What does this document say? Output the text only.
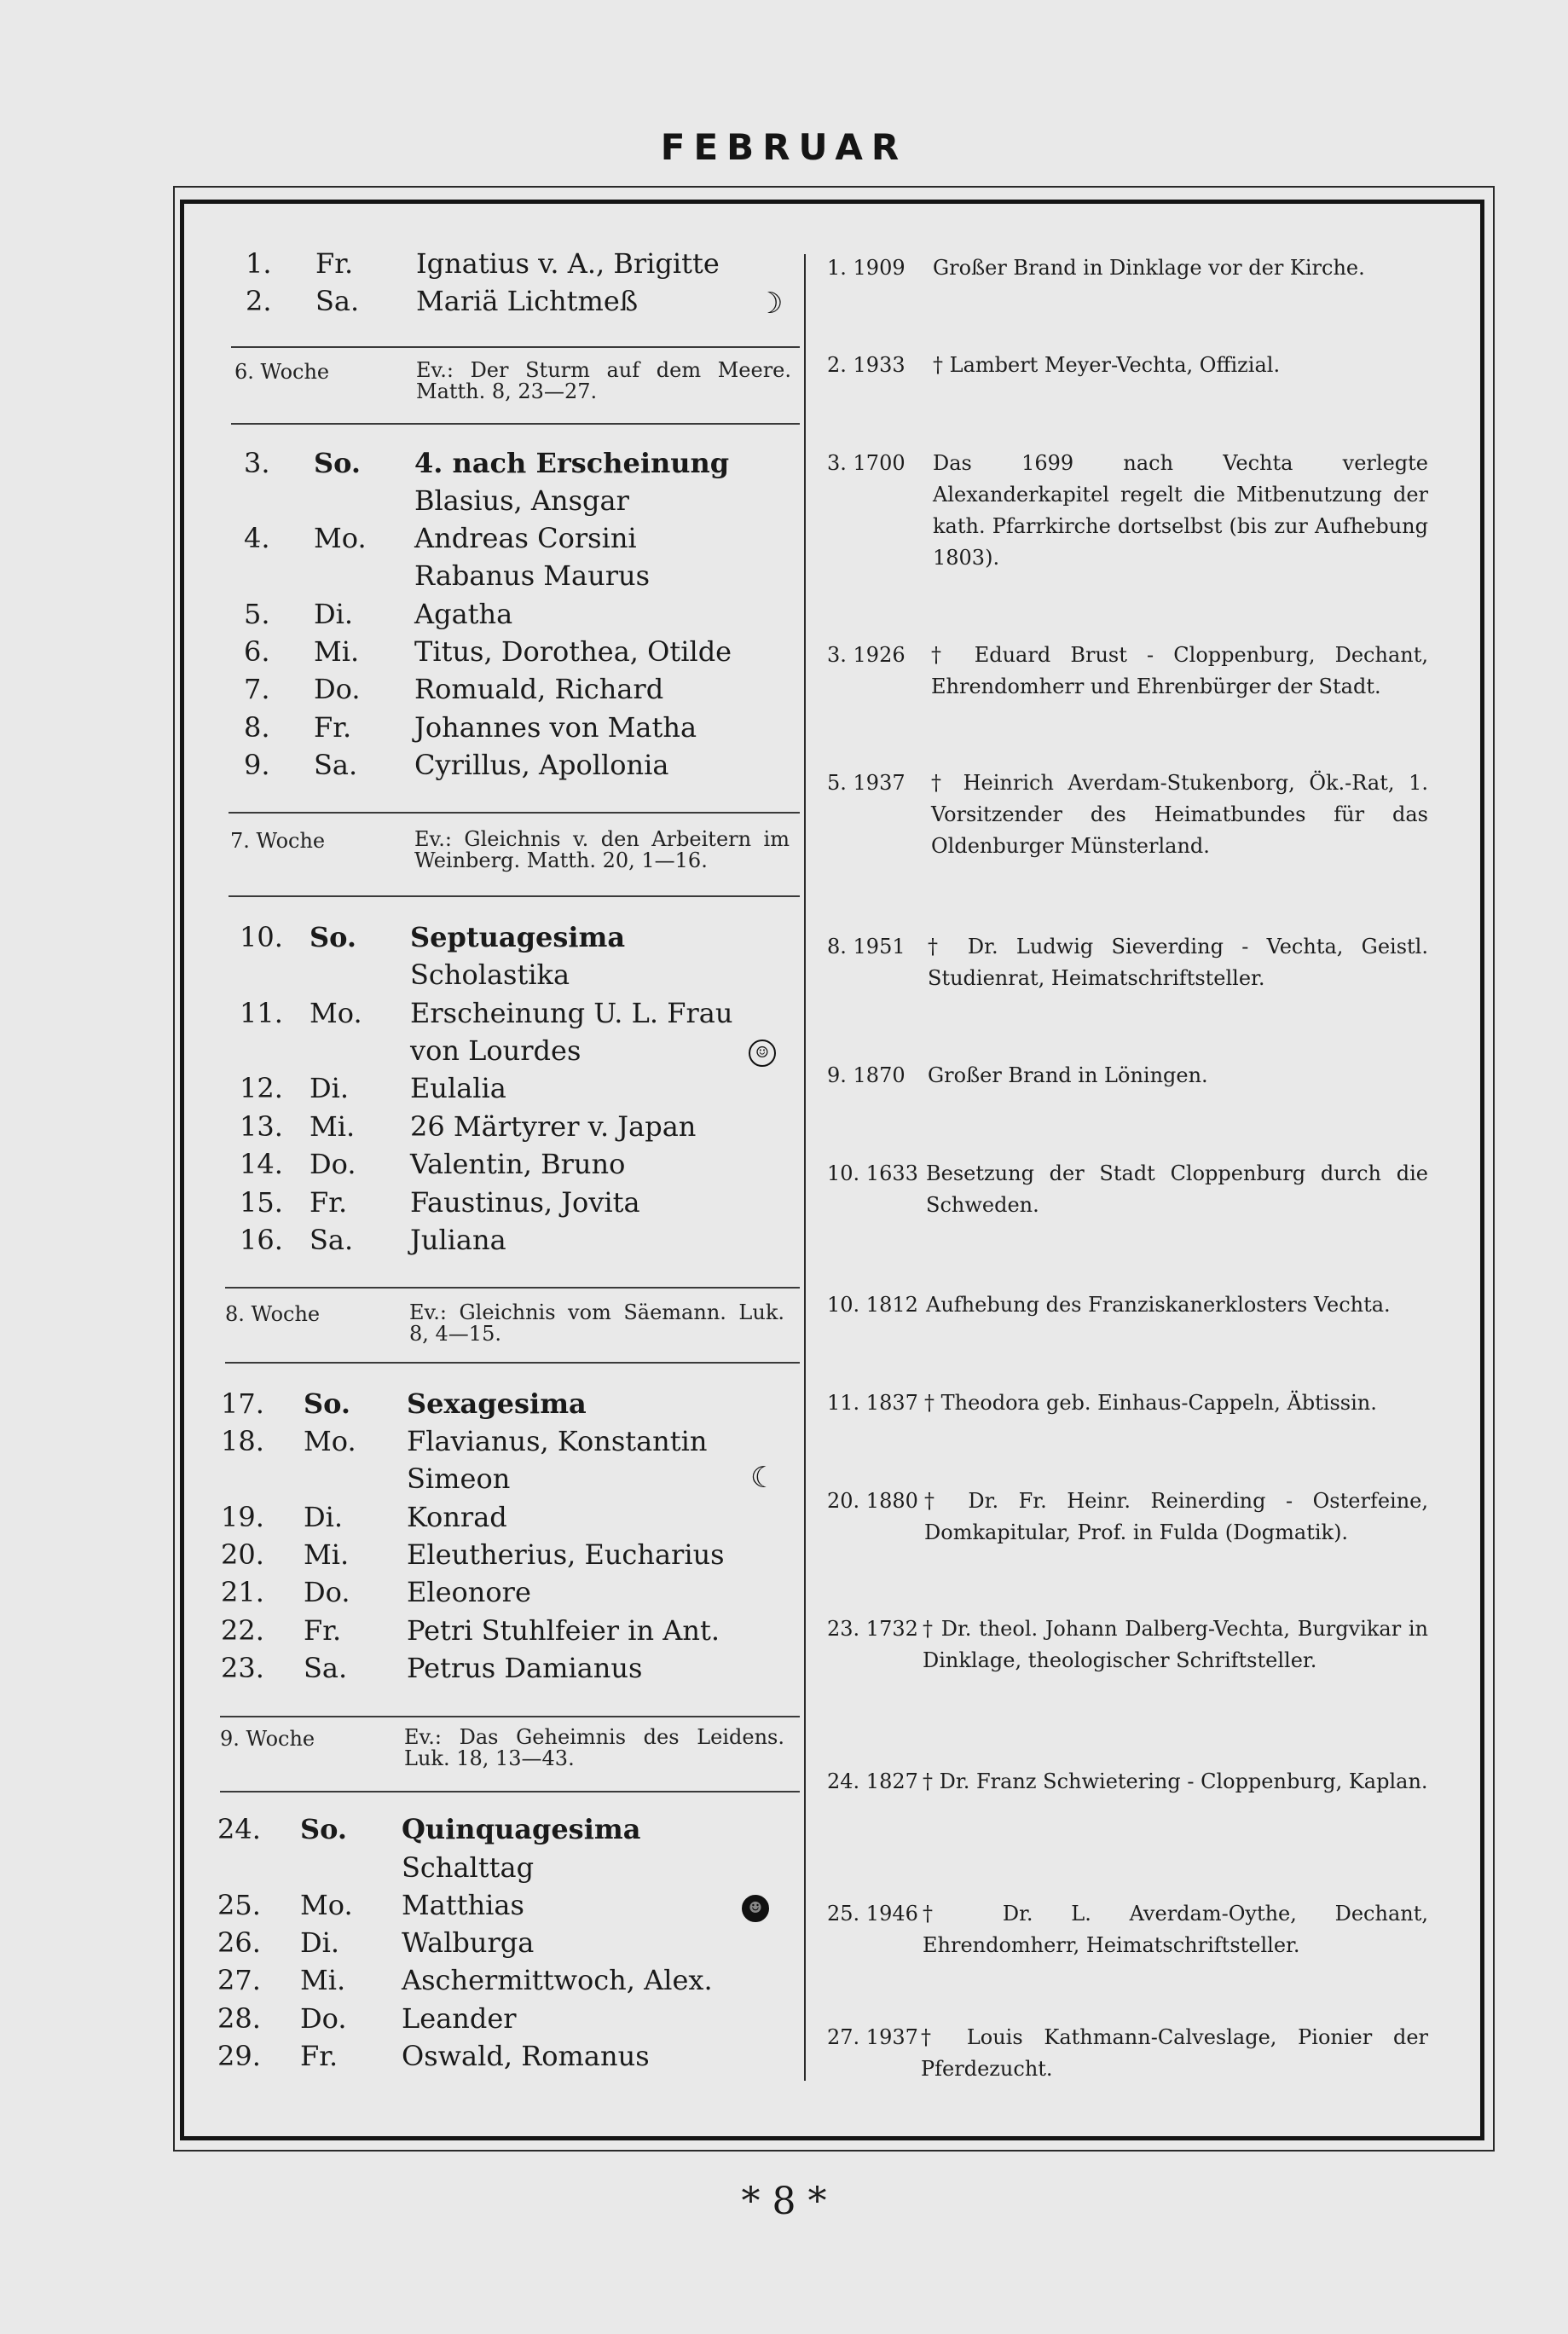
FEBRUAR
1.	Fr. Ignatius v. A., Brigitte
2.	Sa. Mariä Lichtmeß	☽
6. Woche	Ev.: Der Sturm auf dem Meere. Matth. 8, 23—27.
3.	So. 4. nach Erscheinung
Blasius, Ansgar
4.	Mo. Andreas Corsini
Rabanus Maurus
5.	Di. Agatha
6.	Mi. Titus, Dorothea, Otilde
7.	Do. Romuald, Richard
8.	Fr. Johannes von Matha
9.	Sa. Cyrillus, Apollonia
7. Woche	Ev.: Gleichnis v. den Arbeitern im Weinberg. Matth. 20, 1—16.
10. So. Septuagesima
Scholastika
11. Mo. Erscheinung U. L. Frau
von Lourdes	☺
12. Di. Eulalia
13. Mi. 26 Märtyrer v. Japan
14. Do. Valentin, Bruno
15. Fr. Faustinus, Jovita
16. Sa. Juliana
8. Woche	Ev.: Gleichnis vom Säemann. Luk. 8, 4—15.
17.	So. Sexagesima
18.	Mo. Flavianus, Konstantin
Simeon	☾
19.	Di. Konrad
20.	Mi. Eleutherius, Eucharius
21.	Do. Eleonore
22.	Fr. Petri Stuhlfeier in Ant.
23.	Sa. Petrus Damianus
9. Woche	Ev.: Das Geheimnis des Leidens. Luk. 18, 13—43.
24.	So. Quinquagesima
Schalttag
25.	Mo. Matthias	☻
26.	Di. Walburga
27.	Mi. Aschermittwoch, Alex.
28.	Do. Leander
29.	Fr. Oswald, Romanus
1. 1909 Großer Brand in Dinklage vor der Kirche.
2. 1933 † Lambert Meyer-Vechta, Offizial.
3. 1700 Das 1699 nach Vechta verlegte Alexanderkapitel regelt die Mitbenutzung der kath. Pfarrkirche dortselbst (bis zur Aufhebung 1803).
3. 1926 † Eduard Brust - Cloppenburg, Dechant, Ehrendomherr und Ehrenbürger der Stadt.
5. 1937 † Heinrich Averdam-Stukenborg, Ök.-Rat, 1. Vorsitzender des Heimatbundes für das Oldenburger Münsterland.
8. 1951 † Dr. Ludwig Sieverding - Vechta, Geistl. Studienrat, Heimatschriftsteller.
9. 1870 Großer Brand in Löningen.
10. 1633 Besetzung der Stadt Cloppenburg durch die Schweden.
10. 1812 Aufhebung des Franziskanerklosters Vechta.
11. 1837 † Theodora geb. Einhaus-Cappeln, Äbtissin.
20. 1880 † Dr. Fr. Heinr. Reinerding - Osterfeine, Domkapitular, Prof. in Fulda (Dogmatik).
23. 1732 † Dr. theol. Johann Dalberg-Vechta, Burgvikar in Dinklage, theologischer Schriftsteller.
24. 1827 † Dr. Franz Schwietering - Cloppenburg, Kaplan.
25. 1946 † Dr. L. Averdam-Oythe, Dechant, Ehrendomherr, Heimatschriftsteller.
27. 1937 † Louis Kathmann-Calveslage, Pionier der Pferdezucht.
* 8 *
